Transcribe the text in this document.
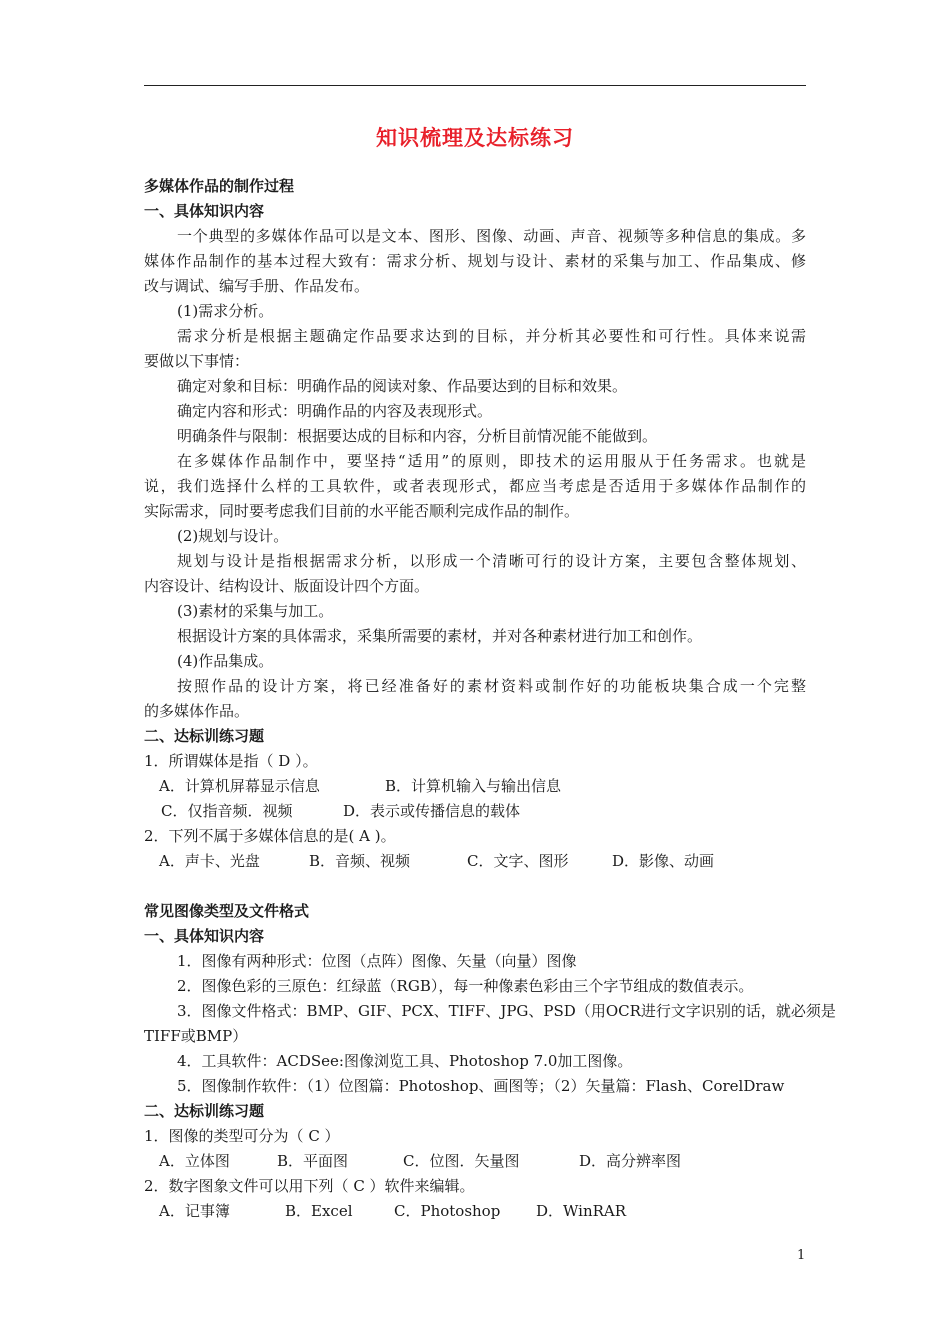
知识梳理及达标练习
多媒体作品的制作过程
一、具体知识内容
一个典型的多媒体作品可以是文本、图形、图像、动画、声音、视频等多种信息的集成。多
媒体作品制作的基本过程大致有：需求分析、规划与设计、素材的采集与加工、作品集成、修
改与调试、编写手册、作品发布。
(1)需求分析。
需求分析是根据主题确定作品要求达到的目标，并分析其必要性和可行性。具体来说需
要做以下事情：
确定对象和目标：明确作品的阅读对象、作品要达到的目标和效果。
确定内容和形式：明确作品的内容及表现形式。
明确条件与限制：根据要达成的目标和内容，分析目前情况能不能做到。
在多媒体作品制作中，要坚持“适用”的原则，即技术的运用服从于任务需求。也就是
说，我们选择什么样的工具软件，或者表现形式，都应当考虑是否适用于多媒体作品制作的
实际需求，同时要考虑我们目前的水平能否顺利完成作品的制作。
(2)规划与设计。
规划与设计是指根据需求分析，以形成一个清晰可行的设计方案，主要包含整体规划、
内容设计、结构设计、版面设计四个方面。
(3)素材的采集与加工。
根据设计方案的具体需求，采集所需要的素材，并对各种素材进行加工和创作。
(4)作品集成。
按照作品的设计方案，将已经准备好的素材资料或制作好的功能板块集合成一个完整
的多媒体作品。
二、达标训练习题
1．所谓媒体是指（ D ）。
A．计算机屏幕显示信息	B．计算机输入与输出信息
C．仅指音频．视频	D．表示或传播信息的载体
2．下列不属于多媒体信息的是( A )。
A．声卡、光盘	B．音频、视频	C．文字、图形	D．影像、动画
常见图像类型及文件格式
一、具体知识内容
1．图像有两种形式：位图（点阵）图像、矢量（向量）图像
2．图像色彩的三原色：红绿蓝（RGB），每一种像素色彩由三个字节组成的数值表示。
3．图像文件格式：BMP、GIF、PCX、TIFF、JPG、PSD（用OCR进行文字识别的话，就必须是
TIFF或BMP）
4．工具软件：ACDSee:图像浏览工具、Photoshop 7.0加工图像。
5．图像制作软件：（1）位图篇：Photoshop、画图等；（2）矢量篇：Flash、CorelDraw
二、达标训练习题
1．图像的类型可分为（ C ）
A．立体图	B．平面图	C．位图．矢量图	D．高分辨率图
2．数字图象文件可以用下列（ C ）软件来编辑。
A．记事簿	B．Excel	C．Photoshop D．WinRAR
1
